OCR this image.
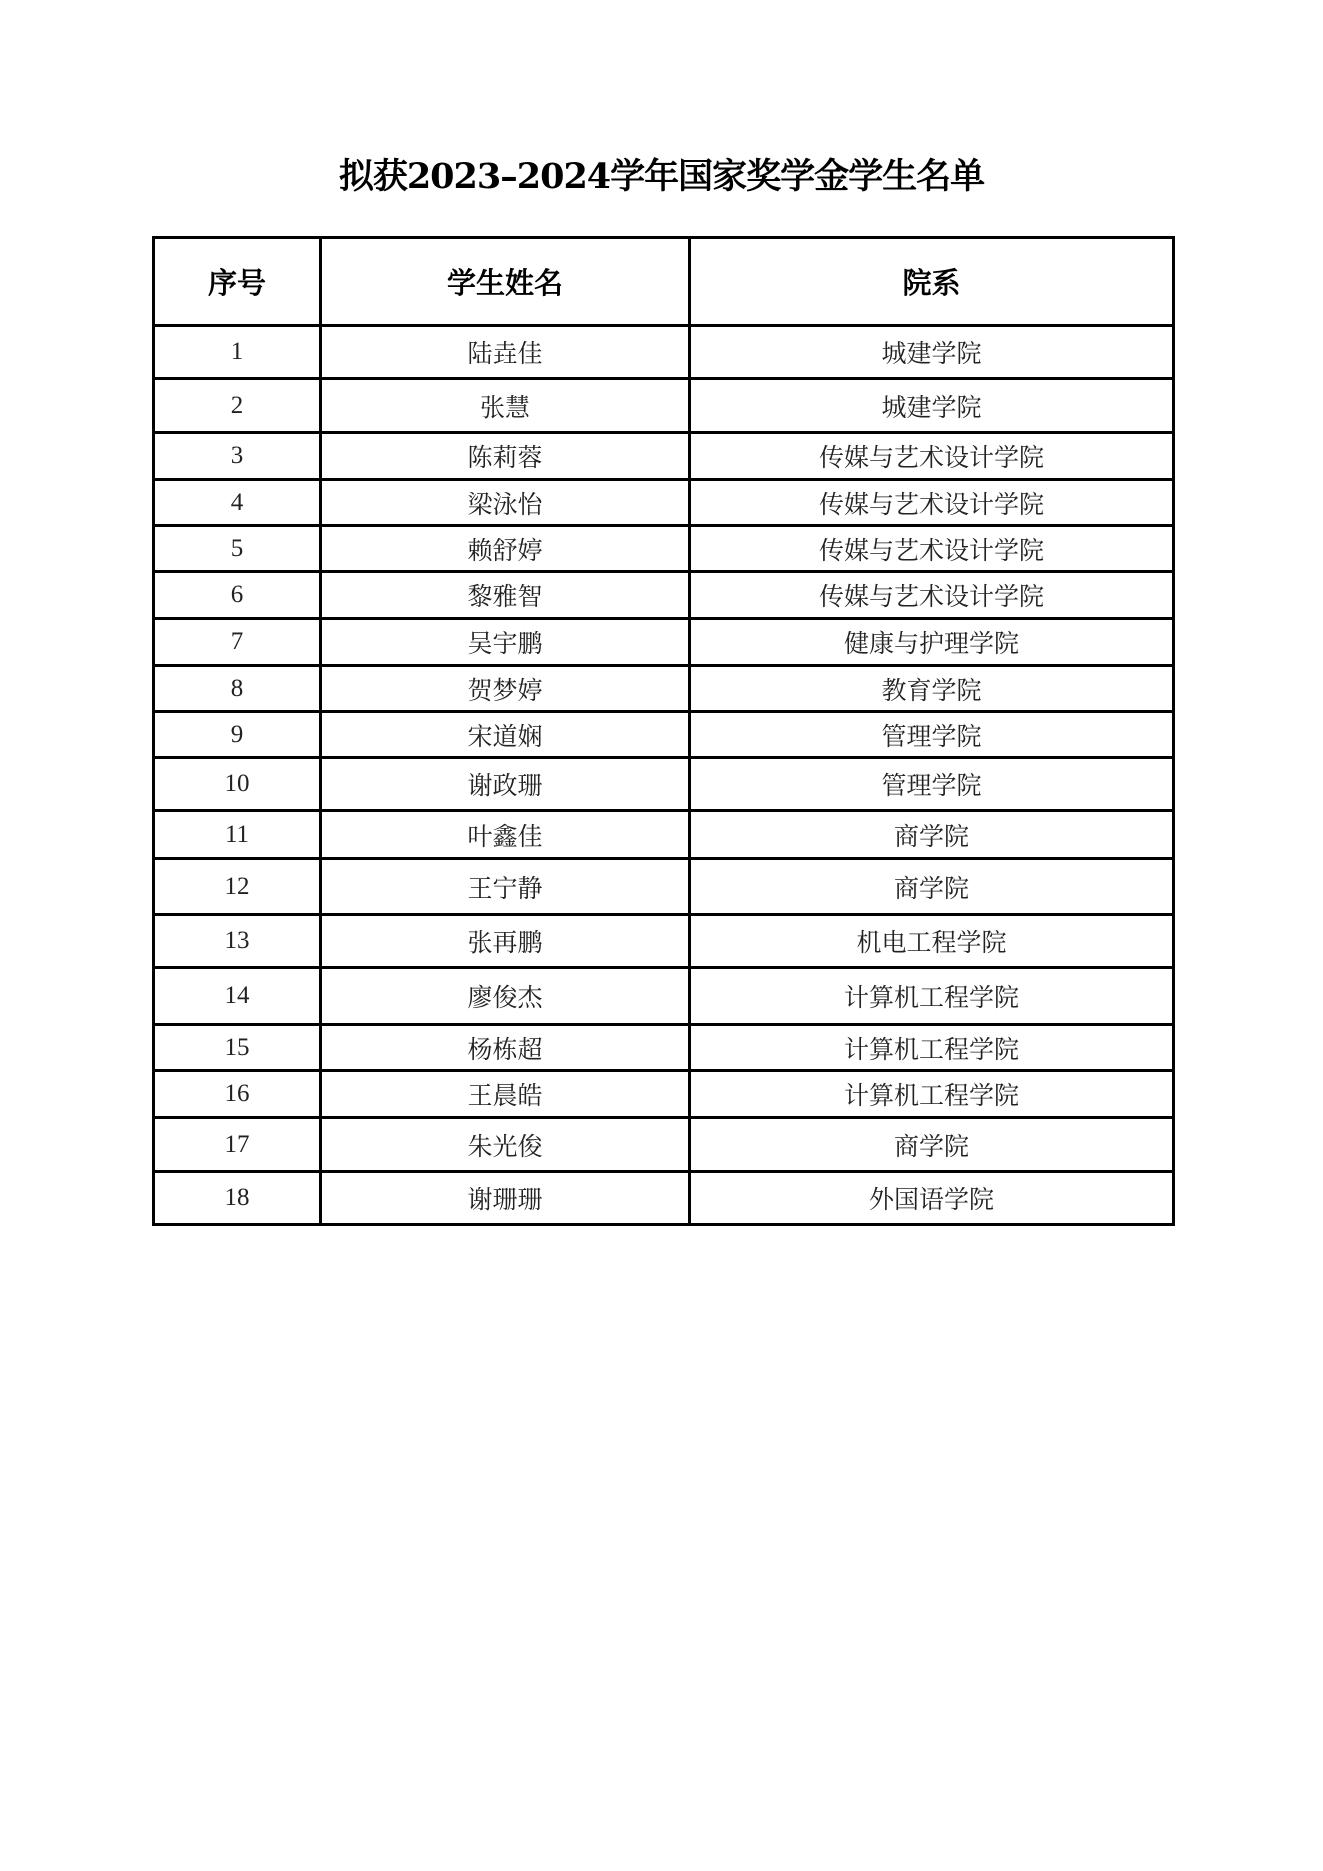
拟获2023–2024学年国家奖学金学生名单
序号	学生姓名	院系
1	陆垚佳	城建学院
2	张慧	城建学院
3	陈莉蓉	传媒与艺术设计学院
4	梁泳怡	传媒与艺术设计学院
5	赖舒婷	传媒与艺术设计学院
6	黎雅智	传媒与艺术设计学院
7	吴宇鹏	健康与护理学院
8	贺梦婷	教育学院
9	宋道娴	管理学院
10	谢政珊	管理学院
11	叶鑫佳	商学院
12	王宁静	商学院
13	张再鹏	机电工程学院
14	廖俊杰	计算机工程学院
15	杨栋超	计算机工程学院
16	王晨皓	计算机工程学院
17	朱光俊	商学院
18	谢珊珊	外国语学院
